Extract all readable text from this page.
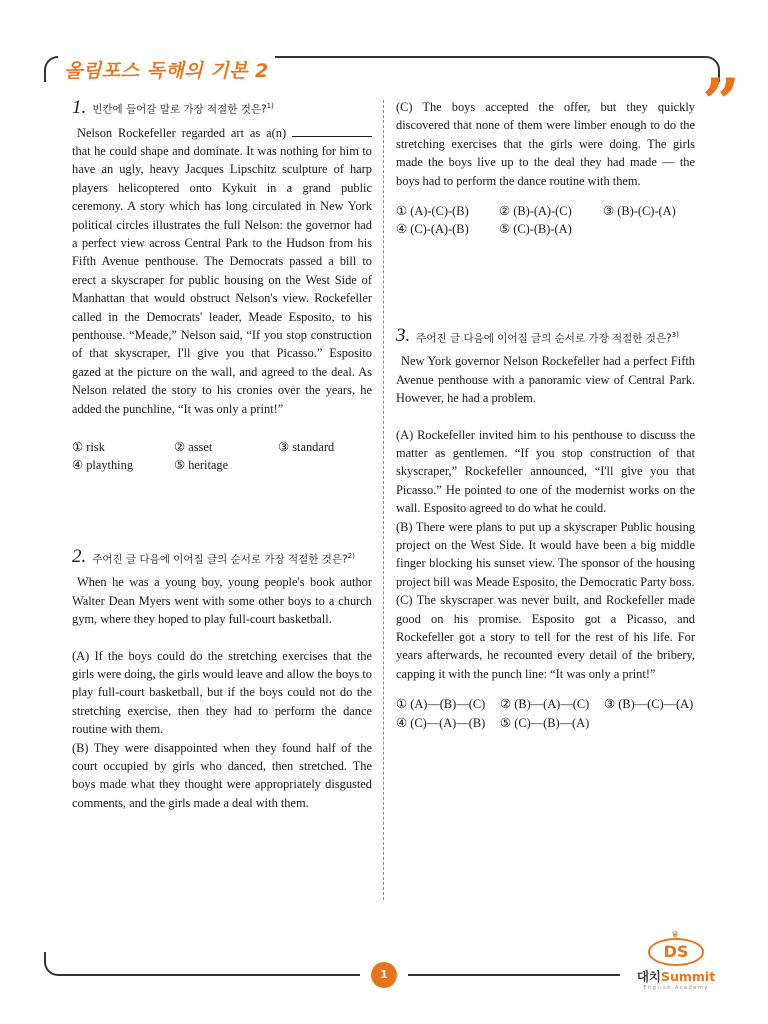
올림포스 독해의 기본 2	”
1. 빈칸에 들어갈 말로 가장 적절한 것은?$^{1)}$

Nelson Rockefeller regarded art as a(n)  that he could shape and dominate. It was nothing for him to have an ugly, heavy Jacques Lipschitz sculpture of harp players helicoptered onto Kykuit in a grand public ceremony. A story which has long circulated in New York political circles illustrates the full Nelson: the governor had a perfect view across Central Park to the Hudson from his Fifth Avenue penthouse. The Democrats passed a bill to erect a skyscraper for public housing on the West Side of Manhattan that would obstruct Nelson's view. Rockefeller called in the Democrats' leader, Meade Esposito, to his penthouse. “Meade,” Nelson said, “If you stop construction of that skyscraper, I'll give you that Picasso.” Esposito gazed at the picture on the wall, and agreed to the deal. As Nelson related the story to his cronies over the years, he added the punchline, “It was only a print!”

① risk	② asset	③ standard
④ plaything	⑤ heritage
2. 주어진 글 다음에 이어질 글의 순서로 가장 적절한 것은?$^{2)}$

When he was a young boy, young people's book author Walter Dean Myers went with some other boys to a church gym, where they hoped to play full-court basketball.

(A) If the boys could do the stretching exercises that the girls were doing, the girls would leave and allow the boys to play full-court basketball, but if the boys could not do the stretching exercise, then they had to perform the dance routine with them.

(B) They were disappointed when they found half of the court occupied by girls who danced, then stretched. The boys made what they thought were appropriately disgusted comments, and the girls made a deal with them.

(C) The boys accepted the offer, but they quickly discovered that none of them were limber enough to do the stretching exercises that the girls were doing. The girls made the boys live up to the deal they had made — the boys had to perform the dance routine with them.

① (A)-(C)-(B)	② (B)-(A)-(C)	③ (B)-(C)-(A)
④ (C)-(A)-(B)	⑤ (C)-(B)-(A)
3. 주어진 글 다음에 이어질 글의 순서로 가장 적절한 것은?$^{3)}$

New York governor Nelson Rockefeller had a perfect Fifth Avenue penthouse with a panoramic view of Central Park. However, he had a problem.

(A) Rockefeller invited him to his penthouse to discuss the matter as gentlemen. “If you stop construction of that skyscraper,” Rockefeller announced, “I'll give you that Picasso.” He pointed to one of the modernist works on the wall. Esposito agreed to do what he could.

(B) There were plans to put up a skyscraper Public housing project on the West Side. It would have been a big middle finger blocking his sunset view. The sponsor of the housing project bill was Meade Esposito, the Democratic Party boss.

(C) The skyscraper was never built, and Rockefeller made good on his promise. Esposito got a Picasso, and Rockefeller got a story to tell for the rest of his life. For years afterwards, he recounted every detail of the bribery, capping it with the punch line: “It was only a print!”

① (A)—(B)—(C)	② (B)—(A)—(C)	③ (B)—(C)—(A)
④ (C)—(A)—(B)	⑤ (C)—(B)—(A)
1
♛
DS
대치Summit
English Academy
